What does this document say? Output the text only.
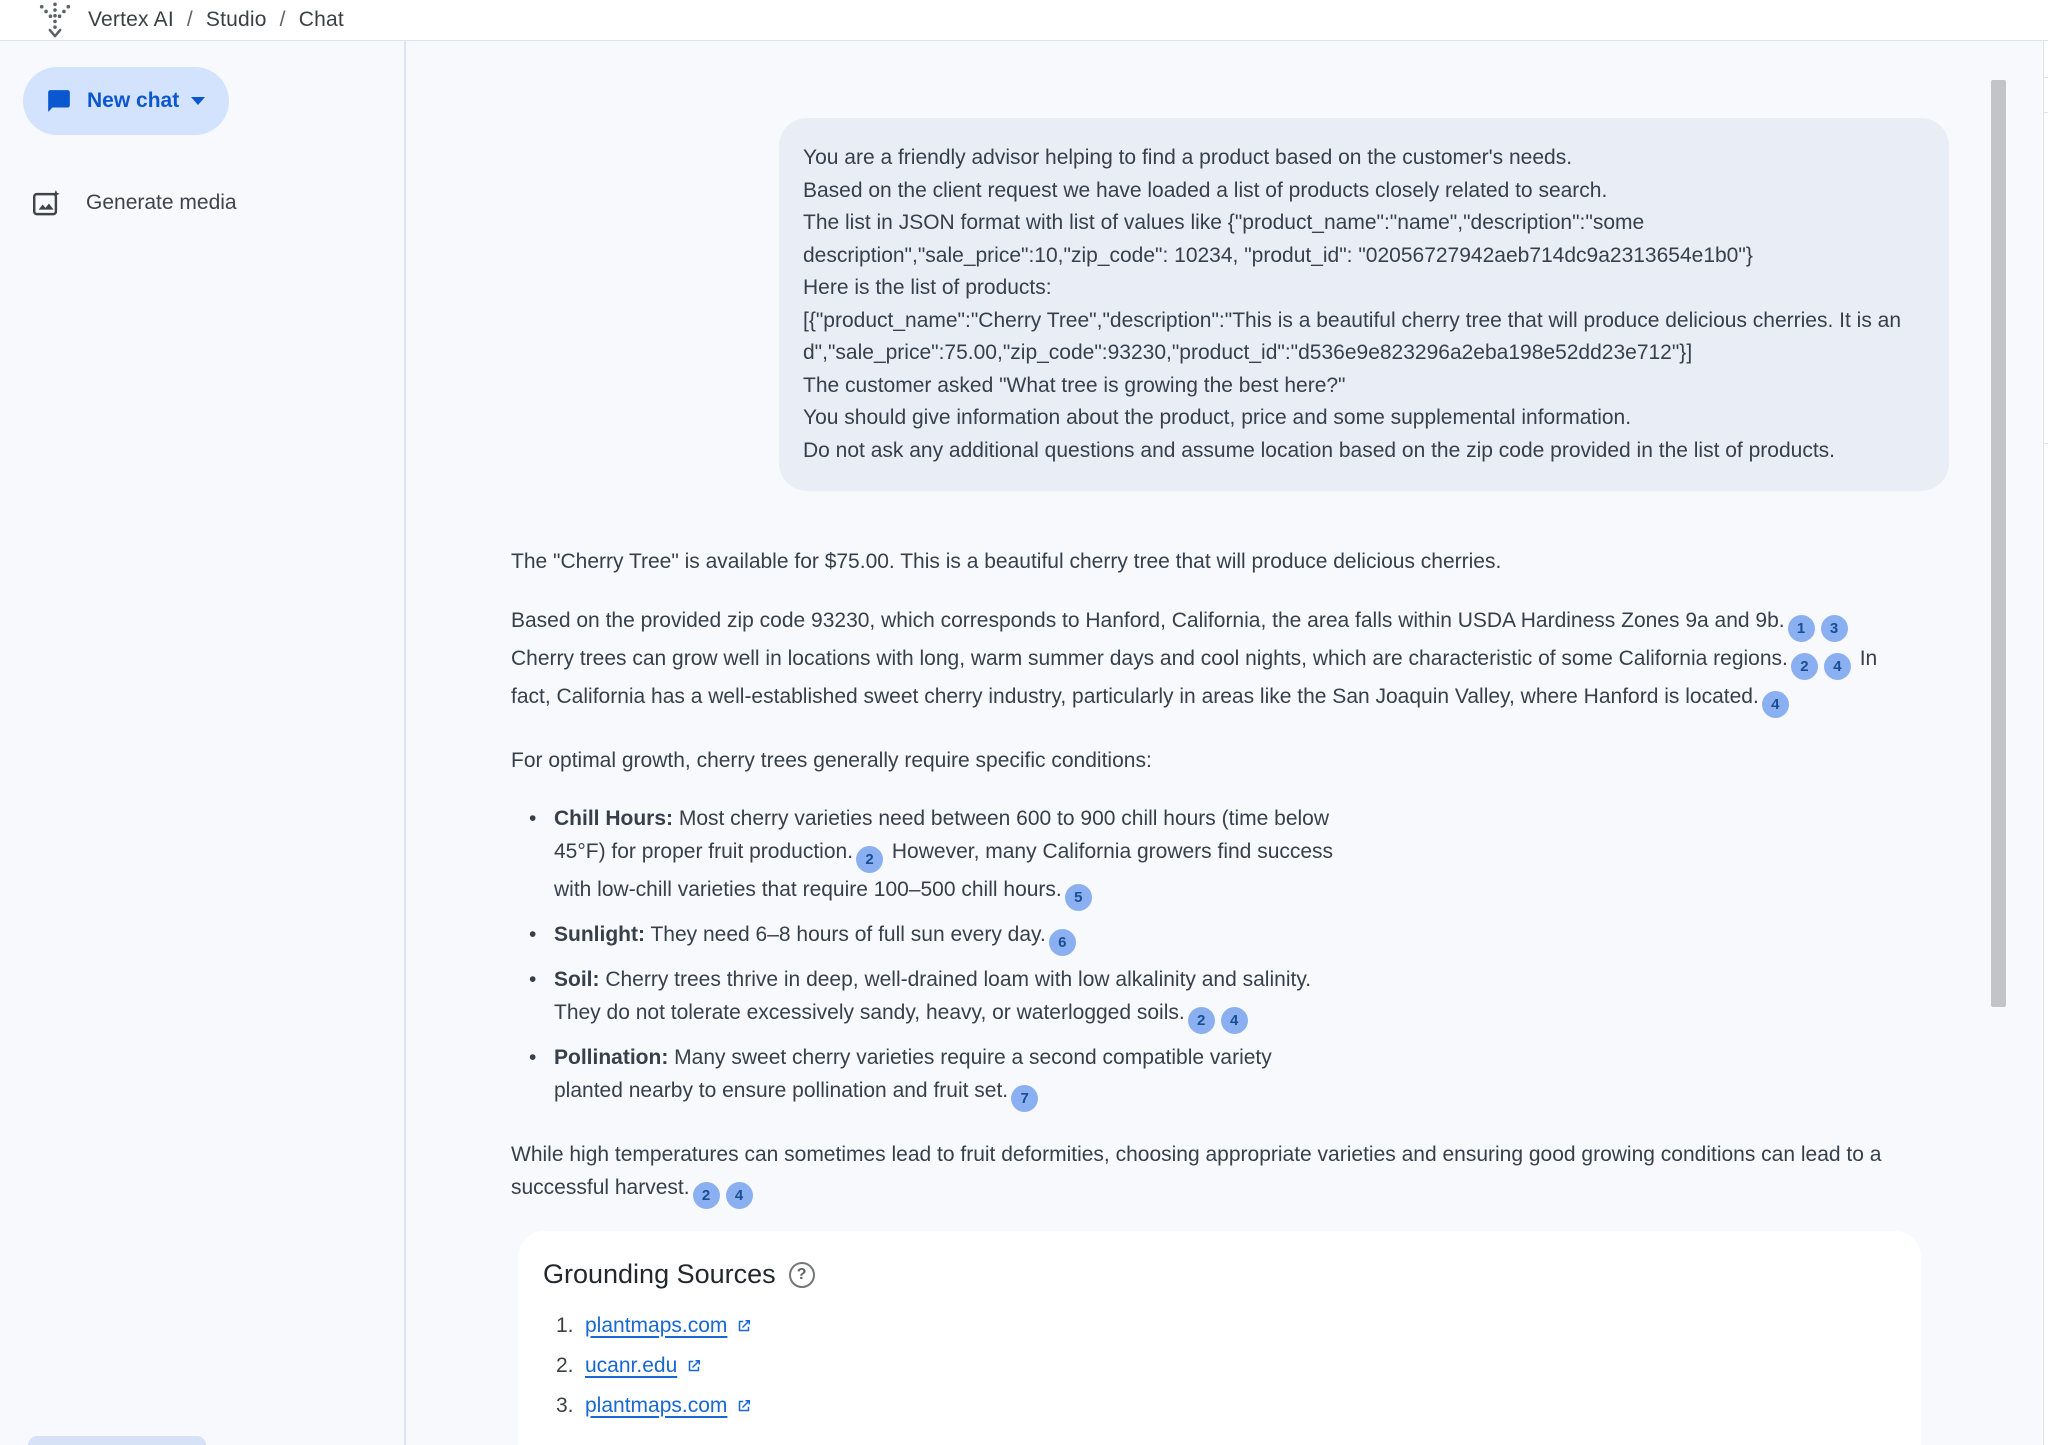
Vertex AI / Studio / Chat
New chat
Generate media
You are a friendly advisor helping to find a product based on the customer's needs.
Based on the client request we have loaded a list of products closely related to search.
The list in JSON format with list of values like {"product_name":"name","description":"some description","sale_price":10,"zip_code": 10234, "produt_id": "02056727942aeb714dc9a2313654e1b0"}
Here is the list of products:
[{"product_name":"Cherry Tree","description":"This is a beautiful cherry tree that will produce delicious cherries. It is an d","sale_price":75.00,"zip_code":93230,"product_id":"d536e9e823296a2eba198e52dd23e712"}]
The customer asked "What tree is growing the best here?"
You should give information about the product, price and some supplemental information.
Do not ask any additional questions and assume location based on the zip code provided in the list of products.

The "Cherry Tree" is available for $75.00. This is a beautiful cherry tree that will produce delicious cherries.

Based on the provided zip code 93230, which corresponds to Hanford, California, the area falls within USDA Hardiness Zones 9a and 9b. 1 3 Cherry trees can grow well in locations with long, warm summer days and cool nights, which are characteristic of some California regions. 2 4 In fact, California has a well-established sweet cherry industry, particularly in areas like the San Joaquin Valley, where Hanford is located. 4

For optimal growth, cherry trees generally require specific conditions:

• Chill Hours: Most cherry varieties need between 600 to 900 chill hours (time below 45°F) for proper fruit production. 2 However, many California growers find success with low-chill varieties that require 100–500 chill hours. 5
• Sunlight: They need 6–8 hours of full sun every day. 6
• Soil: Cherry trees thrive in deep, well-drained loam with low alkalinity and salinity. They do not tolerate excessively sandy, heavy, or waterlogged soils. 2 4
• Pollination: Many sweet cherry varieties require a second compatible variety planted nearby to ensure pollination and fruit set. 7

While high temperatures can sometimes lead to fruit deformities, choosing appropriate varieties and ensuring good growing conditions can lead to a successful harvest. 2 4

Grounding Sources	?
1. plantmaps.com
2. ucanr.edu
3. plantmaps.com
